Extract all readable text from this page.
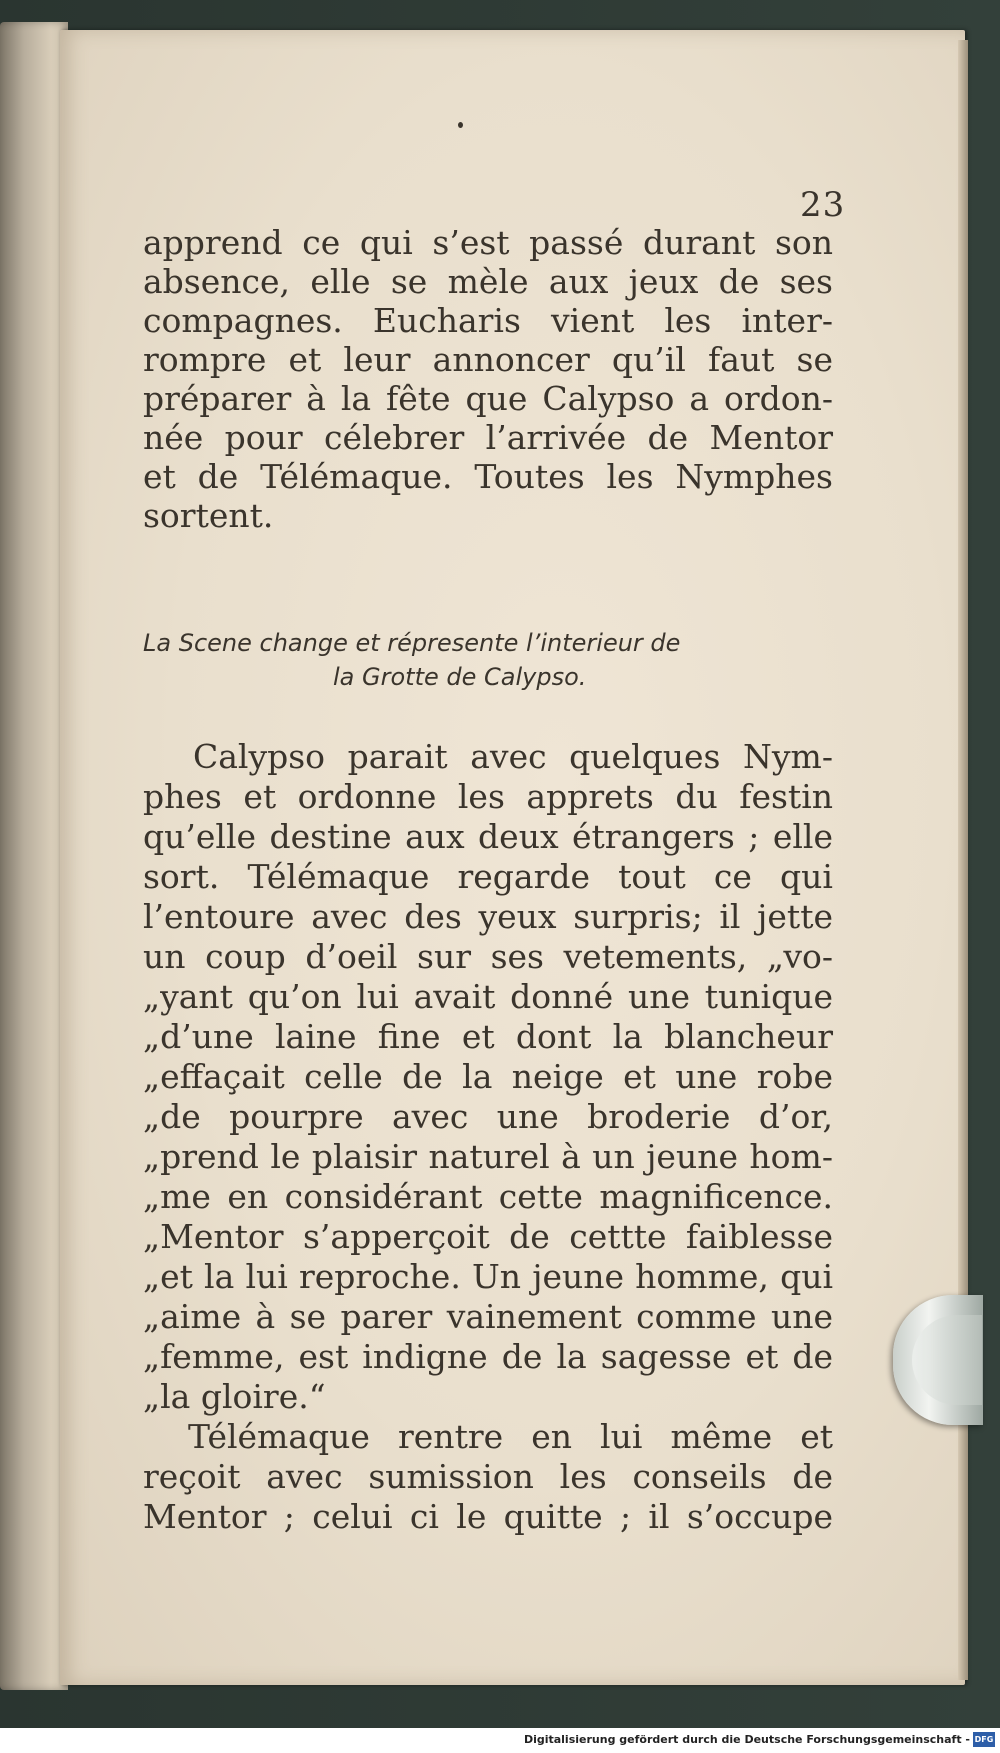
23
apprend ce qui s’est passé durant son
absence, elle se mèle aux jeux de ses
compagnes. Eucharis vient les inter-
rompre et leur annoncer qu’il faut se
préparer à la fête que Calypso a ordon-
née pour célebrer l’arrivée de Mentor
et de Télémaque. Toutes les Nymphes
sortent.
La Scene change et répresente l’interieur de
la Grotte de Calypso.
Calypso parait avec quelques Nym-
phes et ordonne les apprets du festin
qu’elle destine aux deux étrangers ; elle
sort. Télémaque regarde tout ce qui
l’entoure avec des yeux surpris; il jette
un coup d’oeil sur ses vetements, „vo-
„yant qu’on lui avait donné une tunique
„d’une laine fine et dont la blancheur
„effaçait celle de la neige et une robe
„de pourpre avec une broderie d’or,
„prend le plaisir naturel à un jeune hom-
„me en considérant cette magnificence.
„Mentor s’apperçoit de cettte faiblesse
„et la lui reproche. Un jeune homme, qui
„aime à se parer vainement comme une
„femme, est indigne de la sagesse et de
„la gloire.“
Télémaque rentre en lui même et
reçoit avec sumission les conseils de
Mentor ; celui ci le quitte ; il s’occupe
Digitalisierung gefördert durch die Deutsche Forschungsgemeinschaft - DFG
